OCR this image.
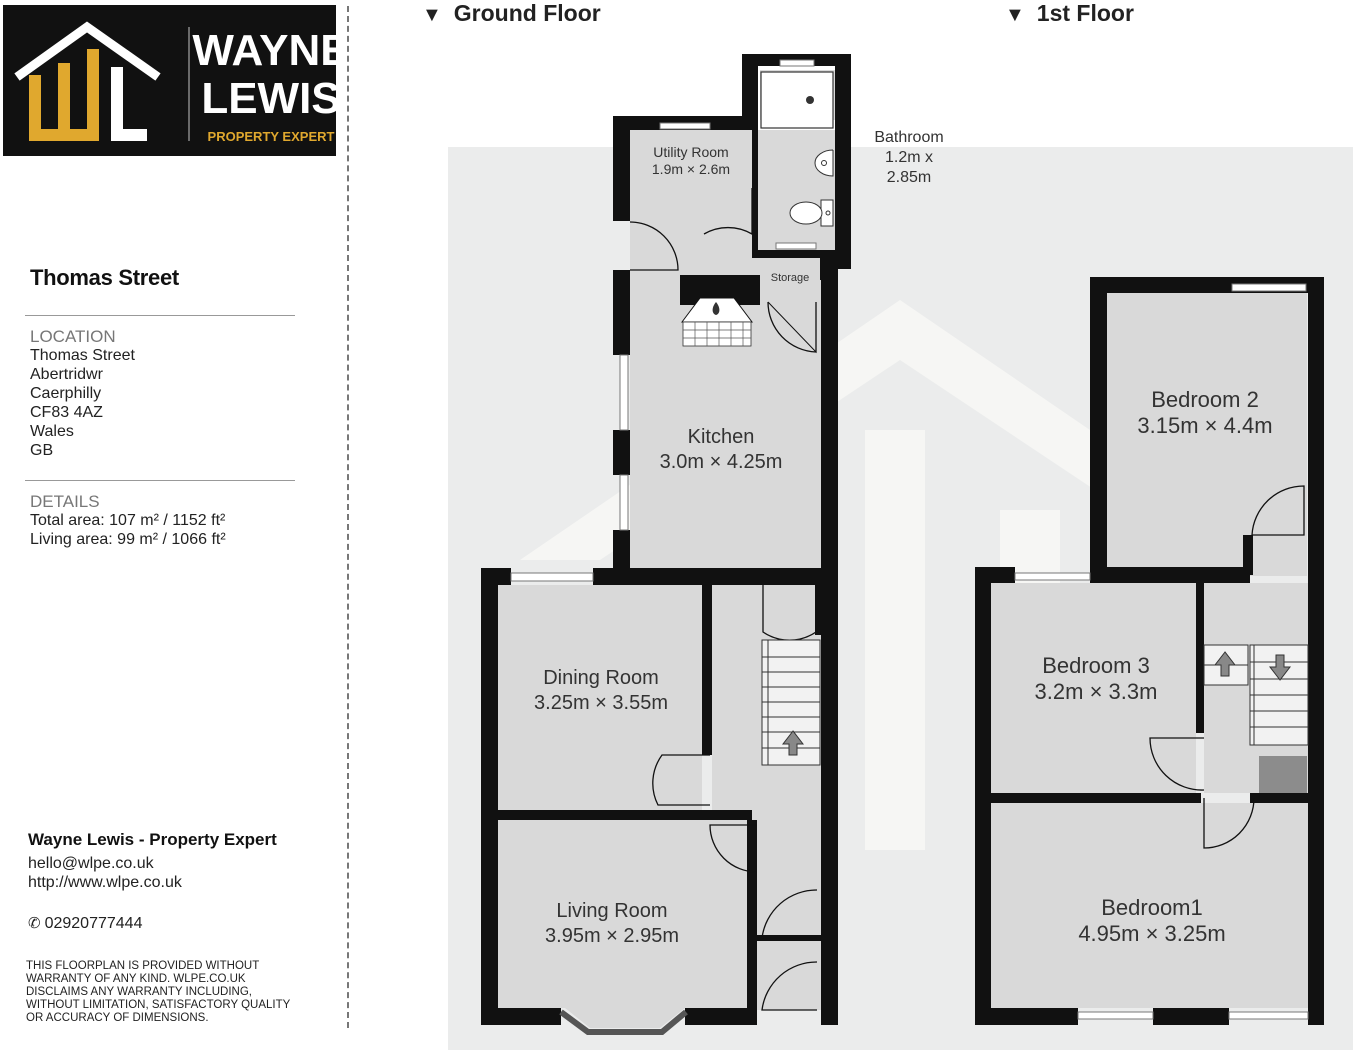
WAYNE
LEWIS
PROPERTY EXPERT
Thomas Street
LOCATION
Thomas Street
Abertridwr
Caerphilly
CF83 4AZ
Wales
GB
DETAILS
Total area: 107 m² / 1152 ft²
Living area: 99 m² / 1066 ft²
Wayne Lewis - Property Expert
hello@wlpe.co.uk
http://www.wlpe.co.uk
✆ 02920777444
THIS FLOORPLAN IS PROVIDED WITHOUT WARRANTY OF ANY KIND. WLPE.CO.UK DISCLAIMS ANY WARRANTY INCLUDING, WITHOUT LIMITATION, SATISFACTORY QUALITY OR ACCURACY OF DIMENSIONS.
▼ Ground Floor	▼ 1st Floor
Utility Room
1.9m × 2.6m
Bathroom
1.2m x
2.85m
Storage
Kitchen
3.0m × 4.25m
Dining Room
3.25m × 3.55m
Living Room
3.95m × 2.95m
Bedroom 2
3.15m × 4.4m
Bedroom 3
3.2m × 3.3m
Bedroom1
4.95m × 3.25m
